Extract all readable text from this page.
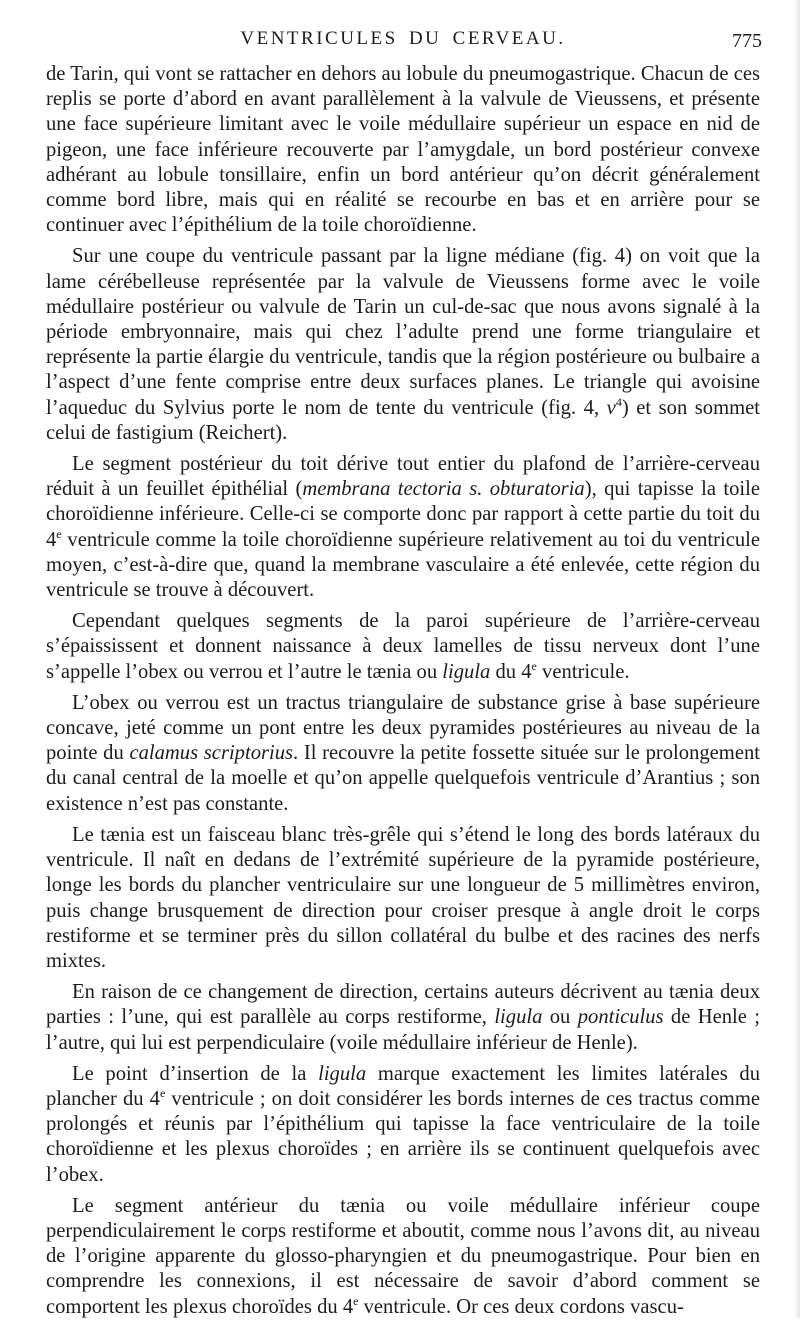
VENTRICULES DU CERVEAU.	775

de Tarin, qui vont se rattacher en dehors au lobule du pneumogastrique. Chacun de ces replis se porte d’abord en avant parallèlement à la valvule de Vieussens, et présente une face supérieure limitant avec le voile médullaire supérieur un espace en nid de pigeon, une face inférieure recouverte par l’amygdale, un bord postérieur convexe adhérant au lobule tonsillaire, enfin un bord antérieur qu’on décrit généralement comme bord libre, mais qui en réalité se recourbe en bas et en arrière pour se continuer avec l’épithélium de la toile choroïdienne.

Sur une coupe du ventricule passant par la ligne médiane (fig. 4) on voit que la lame cérébelleuse représentée par la valvule de Vieussens forme avec le voile médullaire postérieur ou valvule de Tarin un cul-de-sac que nous avons signalé à la période embryonnaire, mais qui chez l’adulte prend une forme triangulaire et représente la partie élargie du ventricule, tandis que la région postérieure ou bulbaire a l’aspect d’une fente comprise entre deux surfaces planes. Le triangle qui avoisine l’aqueduc du Sylvius porte le nom de tente du ventricule (fig. 4, $v^4$) et son sommet celui de fastigium (Reichert).

Le segment postérieur du toit dérive tout entier du plafond de l’arrière-cerveau réduit à un feuillet épithélial (membrana tectoria s. obturatoria), qui tapisse la toile choroïdienne inférieure. Celle-ci se comporte donc par rapport à cette partie du toit du 4e ventricule comme la toile choroïdienne supérieure relativement au toi du ventricule moyen, c’est-à-dire que, quand la membrane vasculaire a été enlevée, cette région du ventricule se trouve à découvert.

Cependant quelques segments de la paroi supérieure de l’arrière-cerveau s’épaississent et donnent naissance à deux lamelles de tissu nerveux dont l’une s’appelle l’obex ou verrou et l’autre le tænia ou ligula du 4e ventricule.

L’obex ou verrou est un tractus triangulaire de substance grise à base supérieure concave, jeté comme un pont entre les deux pyramides postérieures au niveau de la pointe du calamus scriptorius. Il recouvre la petite fossette située sur le prolongement du canal central de la moelle et qu’on appelle quelquefois ventricule d’Arantius ; son existence n’est pas constante.

Le tænia est un faisceau blanc très-grêle qui s’étend le long des bords latéraux du ventricule. Il naît en dedans de l’extrémité supérieure de la pyramide postérieure, longe les bords du plancher ventriculaire sur une longueur de 5 millimètres environ, puis change brusquement de direction pour croiser presque à angle droit le corps restiforme et se terminer près du sillon collatéral du bulbe et des racines des nerfs mixtes.

En raison de ce changement de direction, certains auteurs décrivent au tænia deux parties : l’une, qui est parallèle au corps restiforme, ligula ou ponticulus de Henle ; l’autre, qui lui est perpendiculaire (voile médullaire inférieur de Henle).

Le point d’insertion de la ligula marque exactement les limites latérales du plancher du 4e ventricule ; on doit considérer les bords internes de ces tractus comme prolongés et réunis par l’épithélium qui tapisse la face ventriculaire de la toile choroïdienne et les plexus choroïdes ; en arrière ils se continuent quelquefois avec l’obex.

Le segment antérieur du tænia ou voile médullaire inférieur coupe perpendiculairement le corps restiforme et aboutit, comme nous l’avons dit, au niveau de l’origine apparente du glosso-pharyngien et du pneumogastrique. Pour bien en comprendre les connexions, il est nécessaire de savoir d’abord comment se comportent les plexus choroïdes du 4e ventricule. Or ces deux cordons vascu-
